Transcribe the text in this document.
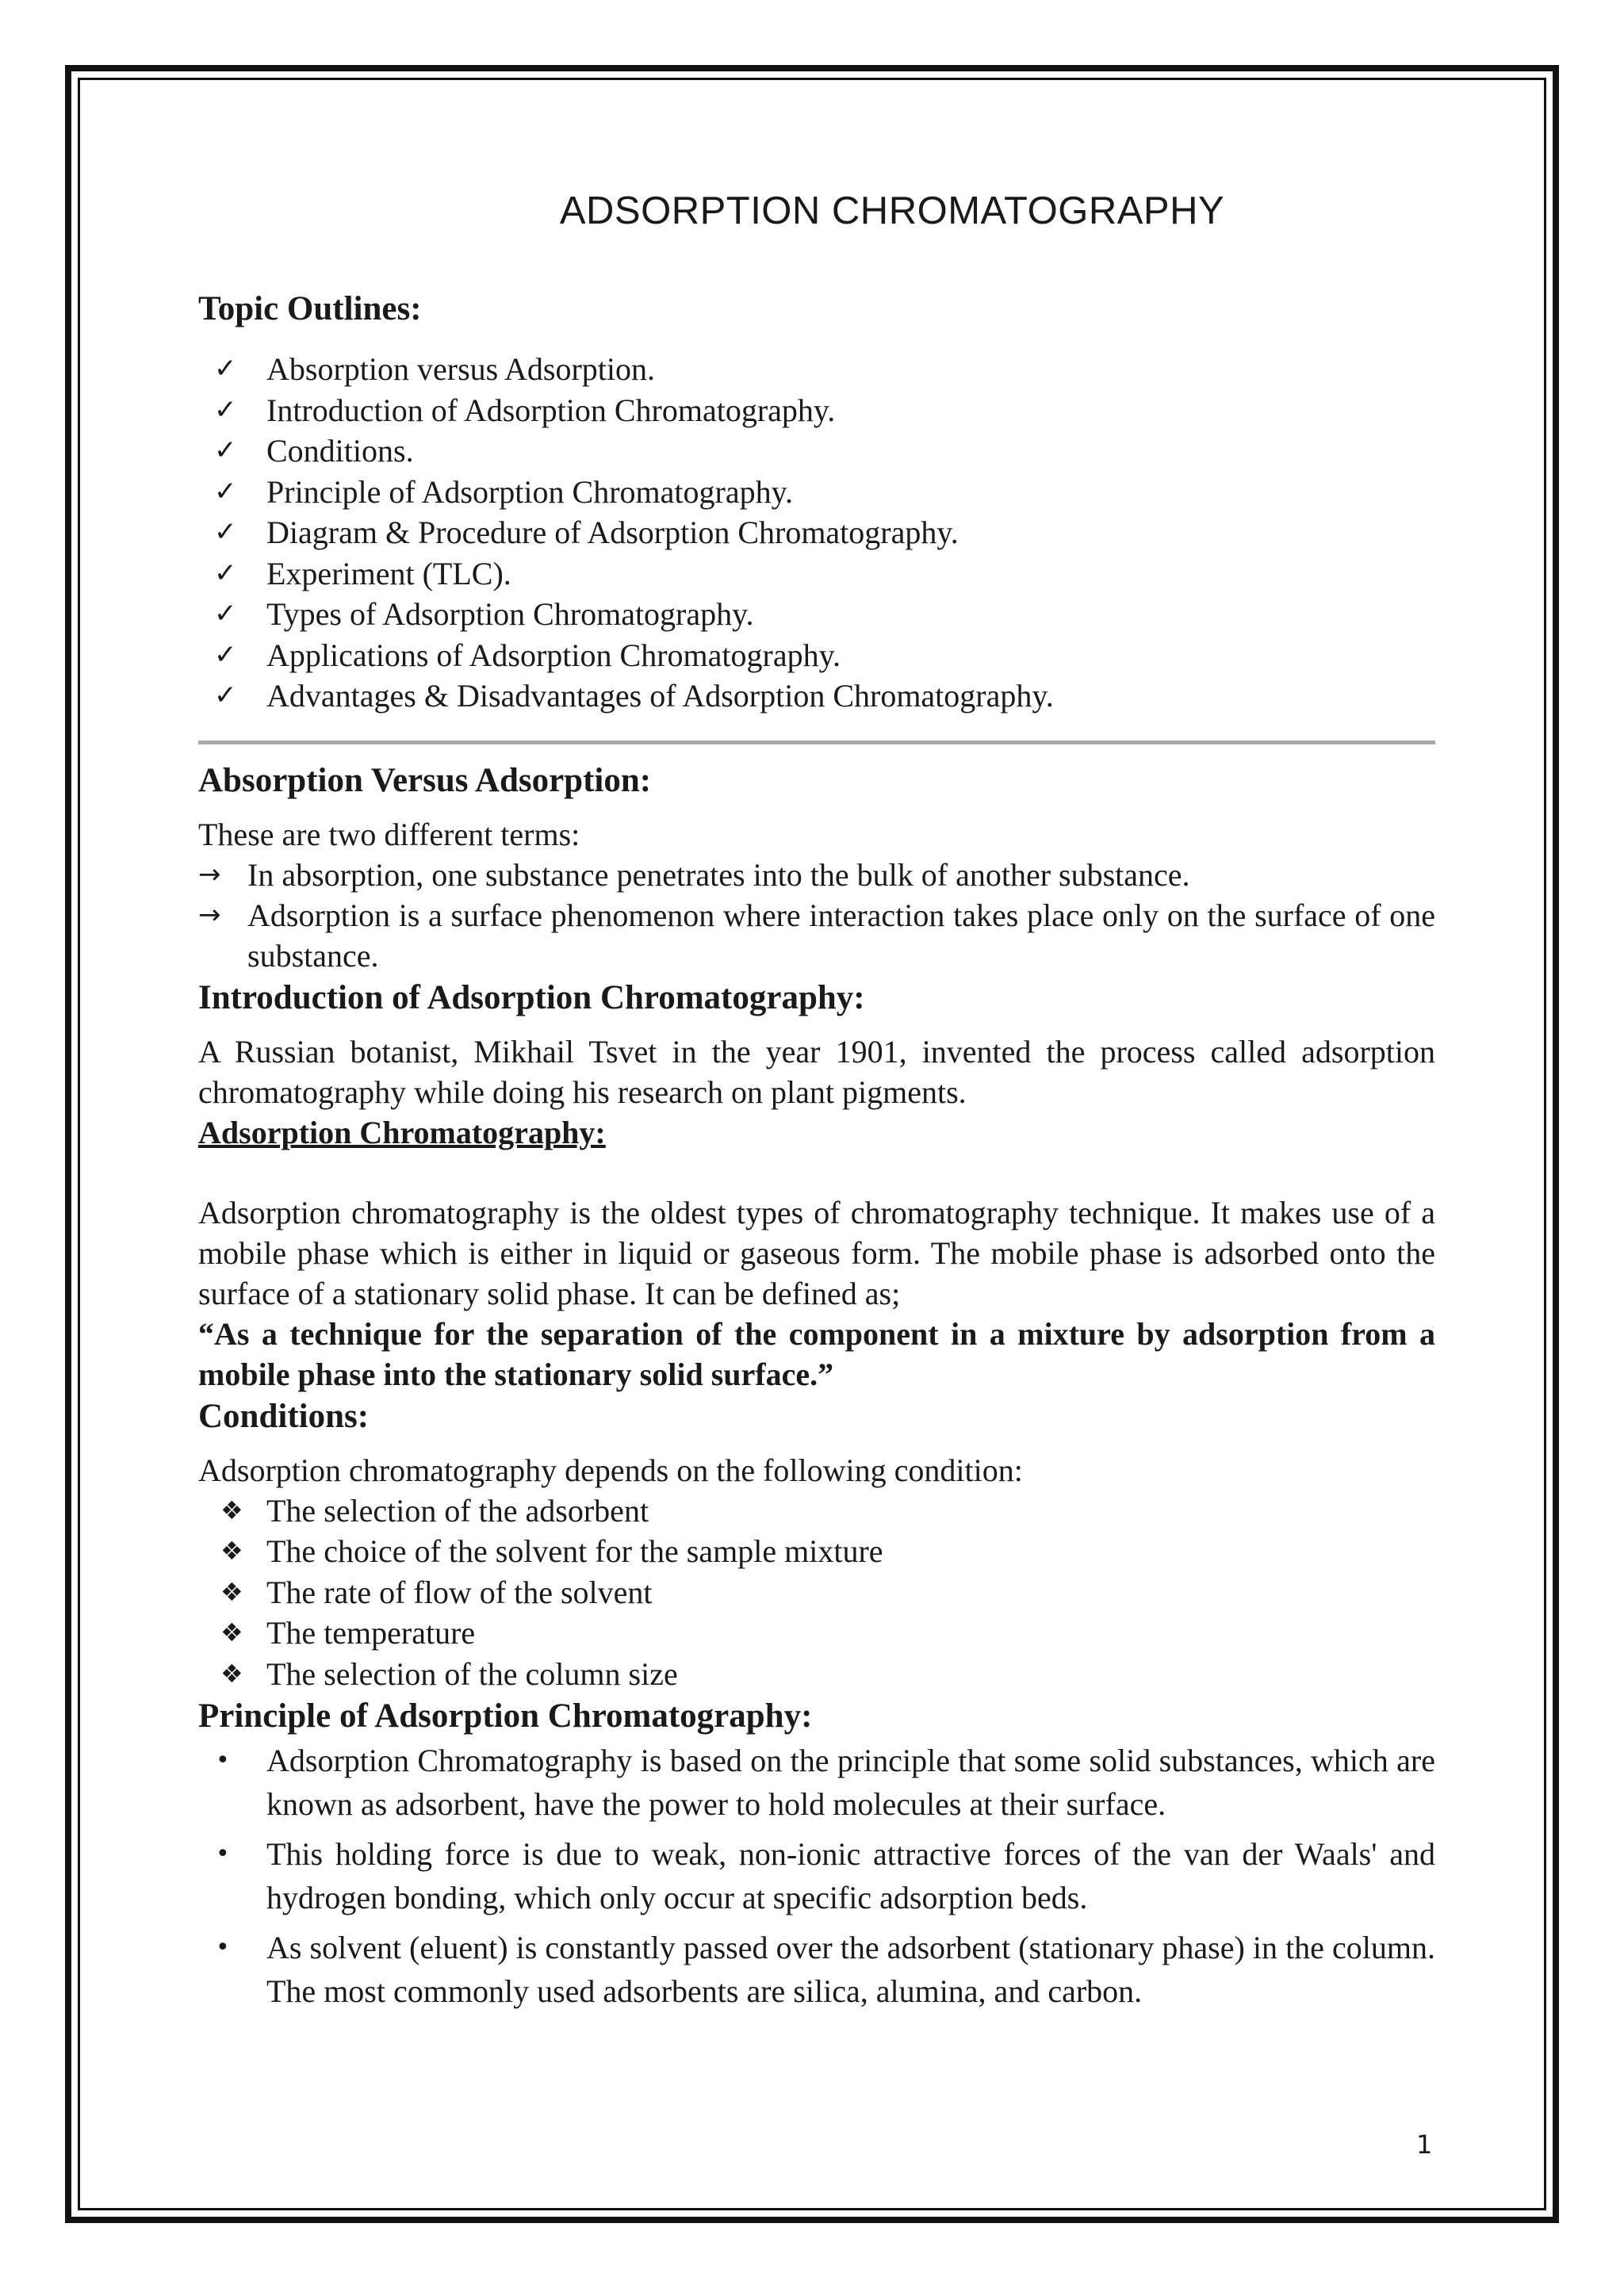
ADSORPTION CHROMATOGRAPHY
Topic Outlines:
✓ Absorption versus Adsorption.
✓ Introduction of Adsorption Chromatography.
✓ Conditions.
✓ Principle of Adsorption Chromatography.
✓ Diagram & Procedure of Adsorption Chromatography.
✓ Experiment (TLC).
✓ Types of Adsorption Chromatography.
✓ Applications of Adsorption Chromatography.
✓ Advantages & Disadvantages of Adsorption Chromatography.
Absorption Versus Adsorption:

These are two different terms:

→ In absorption, one substance penetrates into the bulk of another substance.
→ Adsorption is a surface phenomenon where interaction takes place only on the surface of one substance.
Introduction of Adsorption Chromatography:

A Russian botanist, Mikhail Tsvet in the year 1901, invented the process called adsorption chromatography while doing his research on plant pigments.

Adsorption Chromatography:

Adsorption chromatography is the oldest types of chromatography technique. It makes use of a mobile phase which is either in liquid or gaseous form. The mobile phase is adsorbed onto the surface of a stationary solid phase. It can be defined as;

“As a technique for the separation of the component in a mixture by adsorption from a mobile phase into the stationary solid surface.”

Conditions:

Adsorption chromatography depends on the following condition:

❖ The selection of the adsorbent
❖ The choice of the solvent for the sample mixture
❖ The rate of flow of the solvent
❖ The temperature
❖ The selection of the column size
Principle of Adsorption Chromatography:
• Adsorption Chromatography is based on the principle that some solid substances, which are known as adsorbent, have the power to hold molecules at their surface.
• This holding force is due to weak, non-ionic attractive forces of the van der Waals' and hydrogen bonding, which only occur at specific adsorption beds.
• As solvent (eluent) is constantly passed over the adsorbent (stationary phase) in the column. The most commonly used adsorbents are silica, alumina, and carbon.
1
